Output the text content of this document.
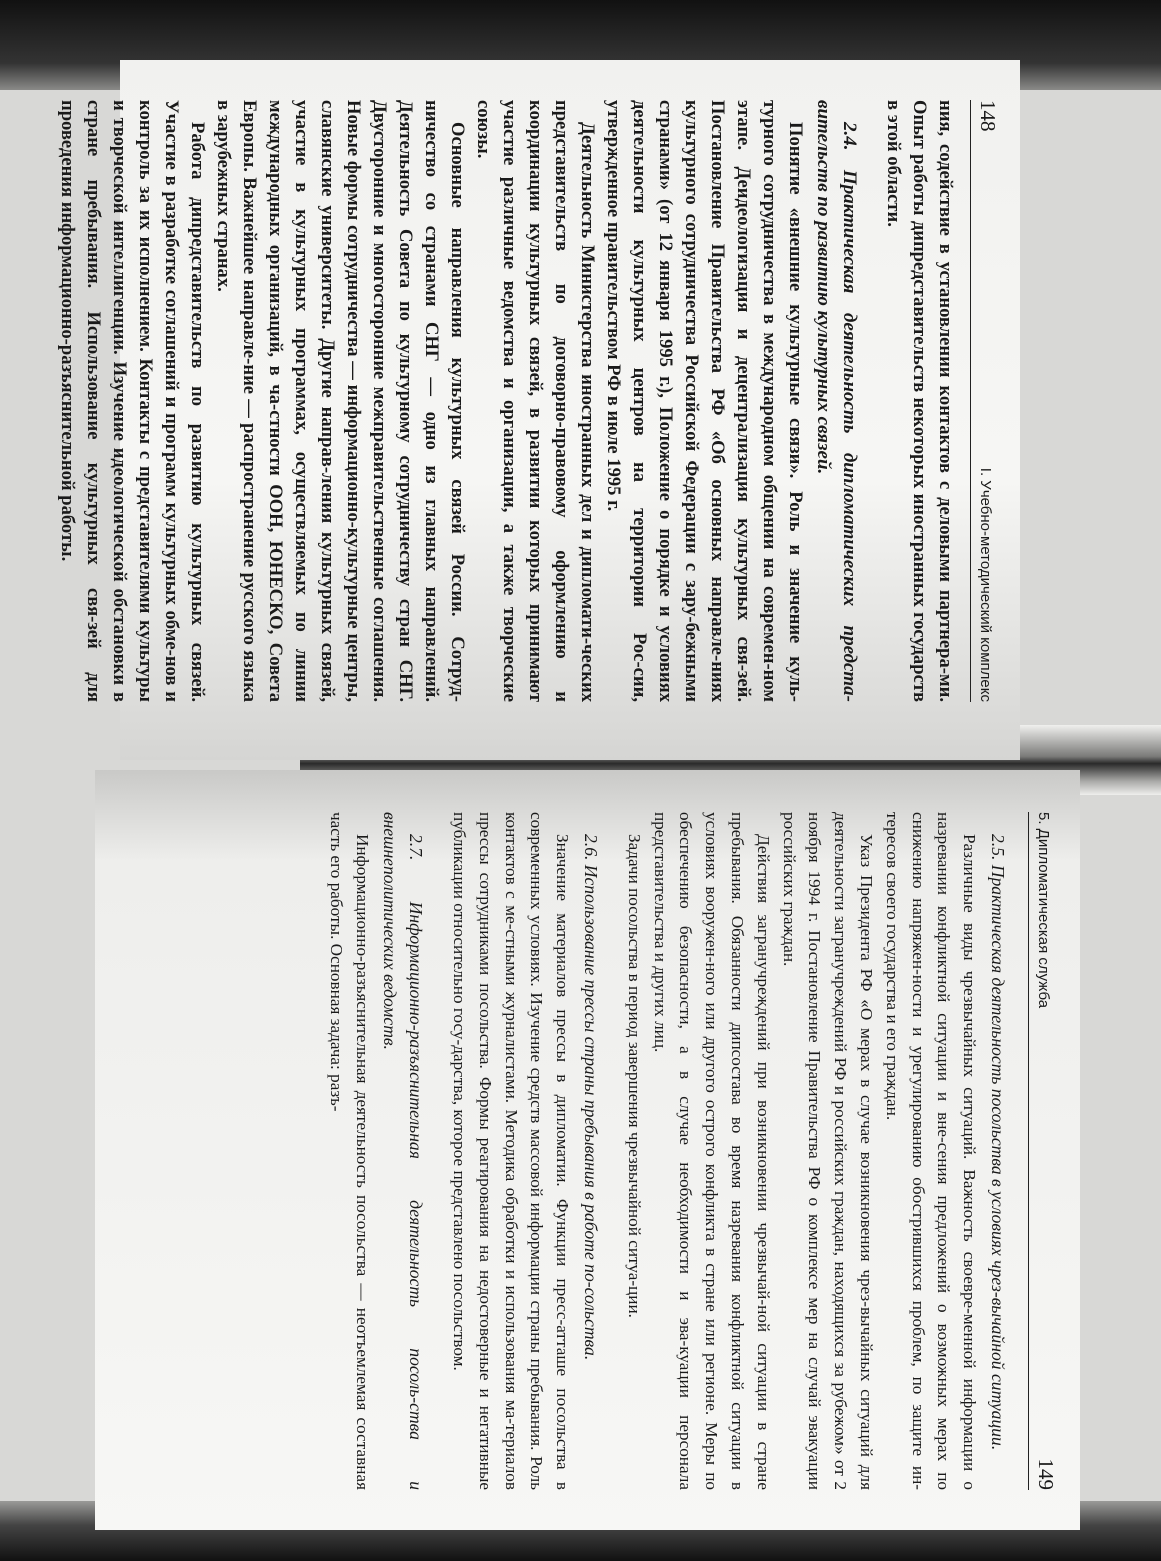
148
I. Учебно-методический комплекс

ния, содействие в установлении контактов с деловыми партнера-ми. Опыт работы дипредставительств некоторых иностранных государств в этой области.

2.4. Практическая деятельность дипломатических предста-вительств по развитию культурных связей.

Понятие «внешние культурные связи». Роль и значение куль-турного сотрудничества в международном общении на современ-ном этапе. Деидеологизация и децентрализация культурных свя-зей. Постановление Правительства РФ «Об основных направле-ниях культурного сотрудничества Российской Федерации с зару-бежными странами» (от 12 января 1995 г.), Положение о порядке и условиях деятельности культурных центров на территории Рос-сии, утвержденное правительством РФ в июле 1995 г.

Деятельность Министерства иностранных дел и дипломати-ческих представительств по договорно-правовому оформлению и координации культурных связей, в развитии которых принимают участие различные ведомства и организации, а также творческие союзы.

Основные направления культурных связей России. Сотруд-ничество со странами СНГ — одно из главных направлений. Деятельность Совета по культурному сотрудничеству стран СНГ. Двусторонние и многосторонние межправительственные соглашения. Новые формы сотрудничества — информационно-культурные центры, славянские университеты. Другие направ-ления культурных связей, участие в культурных программах, осуществляемых по линии международных организаций, в ча-стности ООН, ЮНЕСКО, Совета Европы. Важнейшее направле-ние — распространение русского языка в зарубежных странах.

Работа дипредставительств по развитию культурных связей. Участие в разработке соглашений и программ культурных обме-нов и контроль за их исполнением. Контакты с представителями культуры и творческой интеллигенции. Изучение идеологической обстановки в стране пребывания. Использование культурных свя-зей для проведения информационно-разъяснительной работы.

5. Дипломатическая служба
149
2.5. Практическая деятельность посольства в условиях чрез-вычайной ситуации.

Различные виды чрезвычайных ситуаций. Важность своевре-менной информации о назревании конфликтной ситуации и вне-сения предложений о возможных мерах по снижению напряжен-ности и урегулированию обострившихся проблем, по защите ин-тересов своего государства и его граждан.

Указ Президента РФ «О мерах в случае возникновения чрез-вычайных ситуаций для деятельности загранучреждений РФ и российских граждан, находящихся за рубежом» от 2 ноября 1994 г. Постановление Правительства РФ о комплексе мер на случай эвакуации российских граждан.

Действия загранучреждений при возникновении чрезвычай-ной ситуации в стране пребывания. Обязанности дипсостава во время назревания конфликтной ситуации в условиях вооружен-ного или другого острого конфликта в стране или регионе. Меры по обеспечению безопасности, а в случае необходимости и эва-куации персонала представительства и других лиц.

Задачи посольства в период завершения чрезвычайной ситуа-ции.

2.6. Использование прессы страны пребывания в работе по-сольства.

Значение материалов прессы в дипломатии. Функции пресс-атташе посольства в современных условиях. Изучение средств массовой информации страны пребывания. Роль контактов с ме-стными журналистами. Методика обработки и использования ма-териалов прессы сотрудниками посольства. Формы реагирования на недостоверные и негативные публикации относительно госу-дарства, которое представлено посольством.

2.7. Информационно-разъяснительная деятельность посоль-ства и внешнеполитических ведомств.

Информационно-разъяснительная деятельность посольства — неотъемлемая составная часть его работы. Основная задача: разъ-
